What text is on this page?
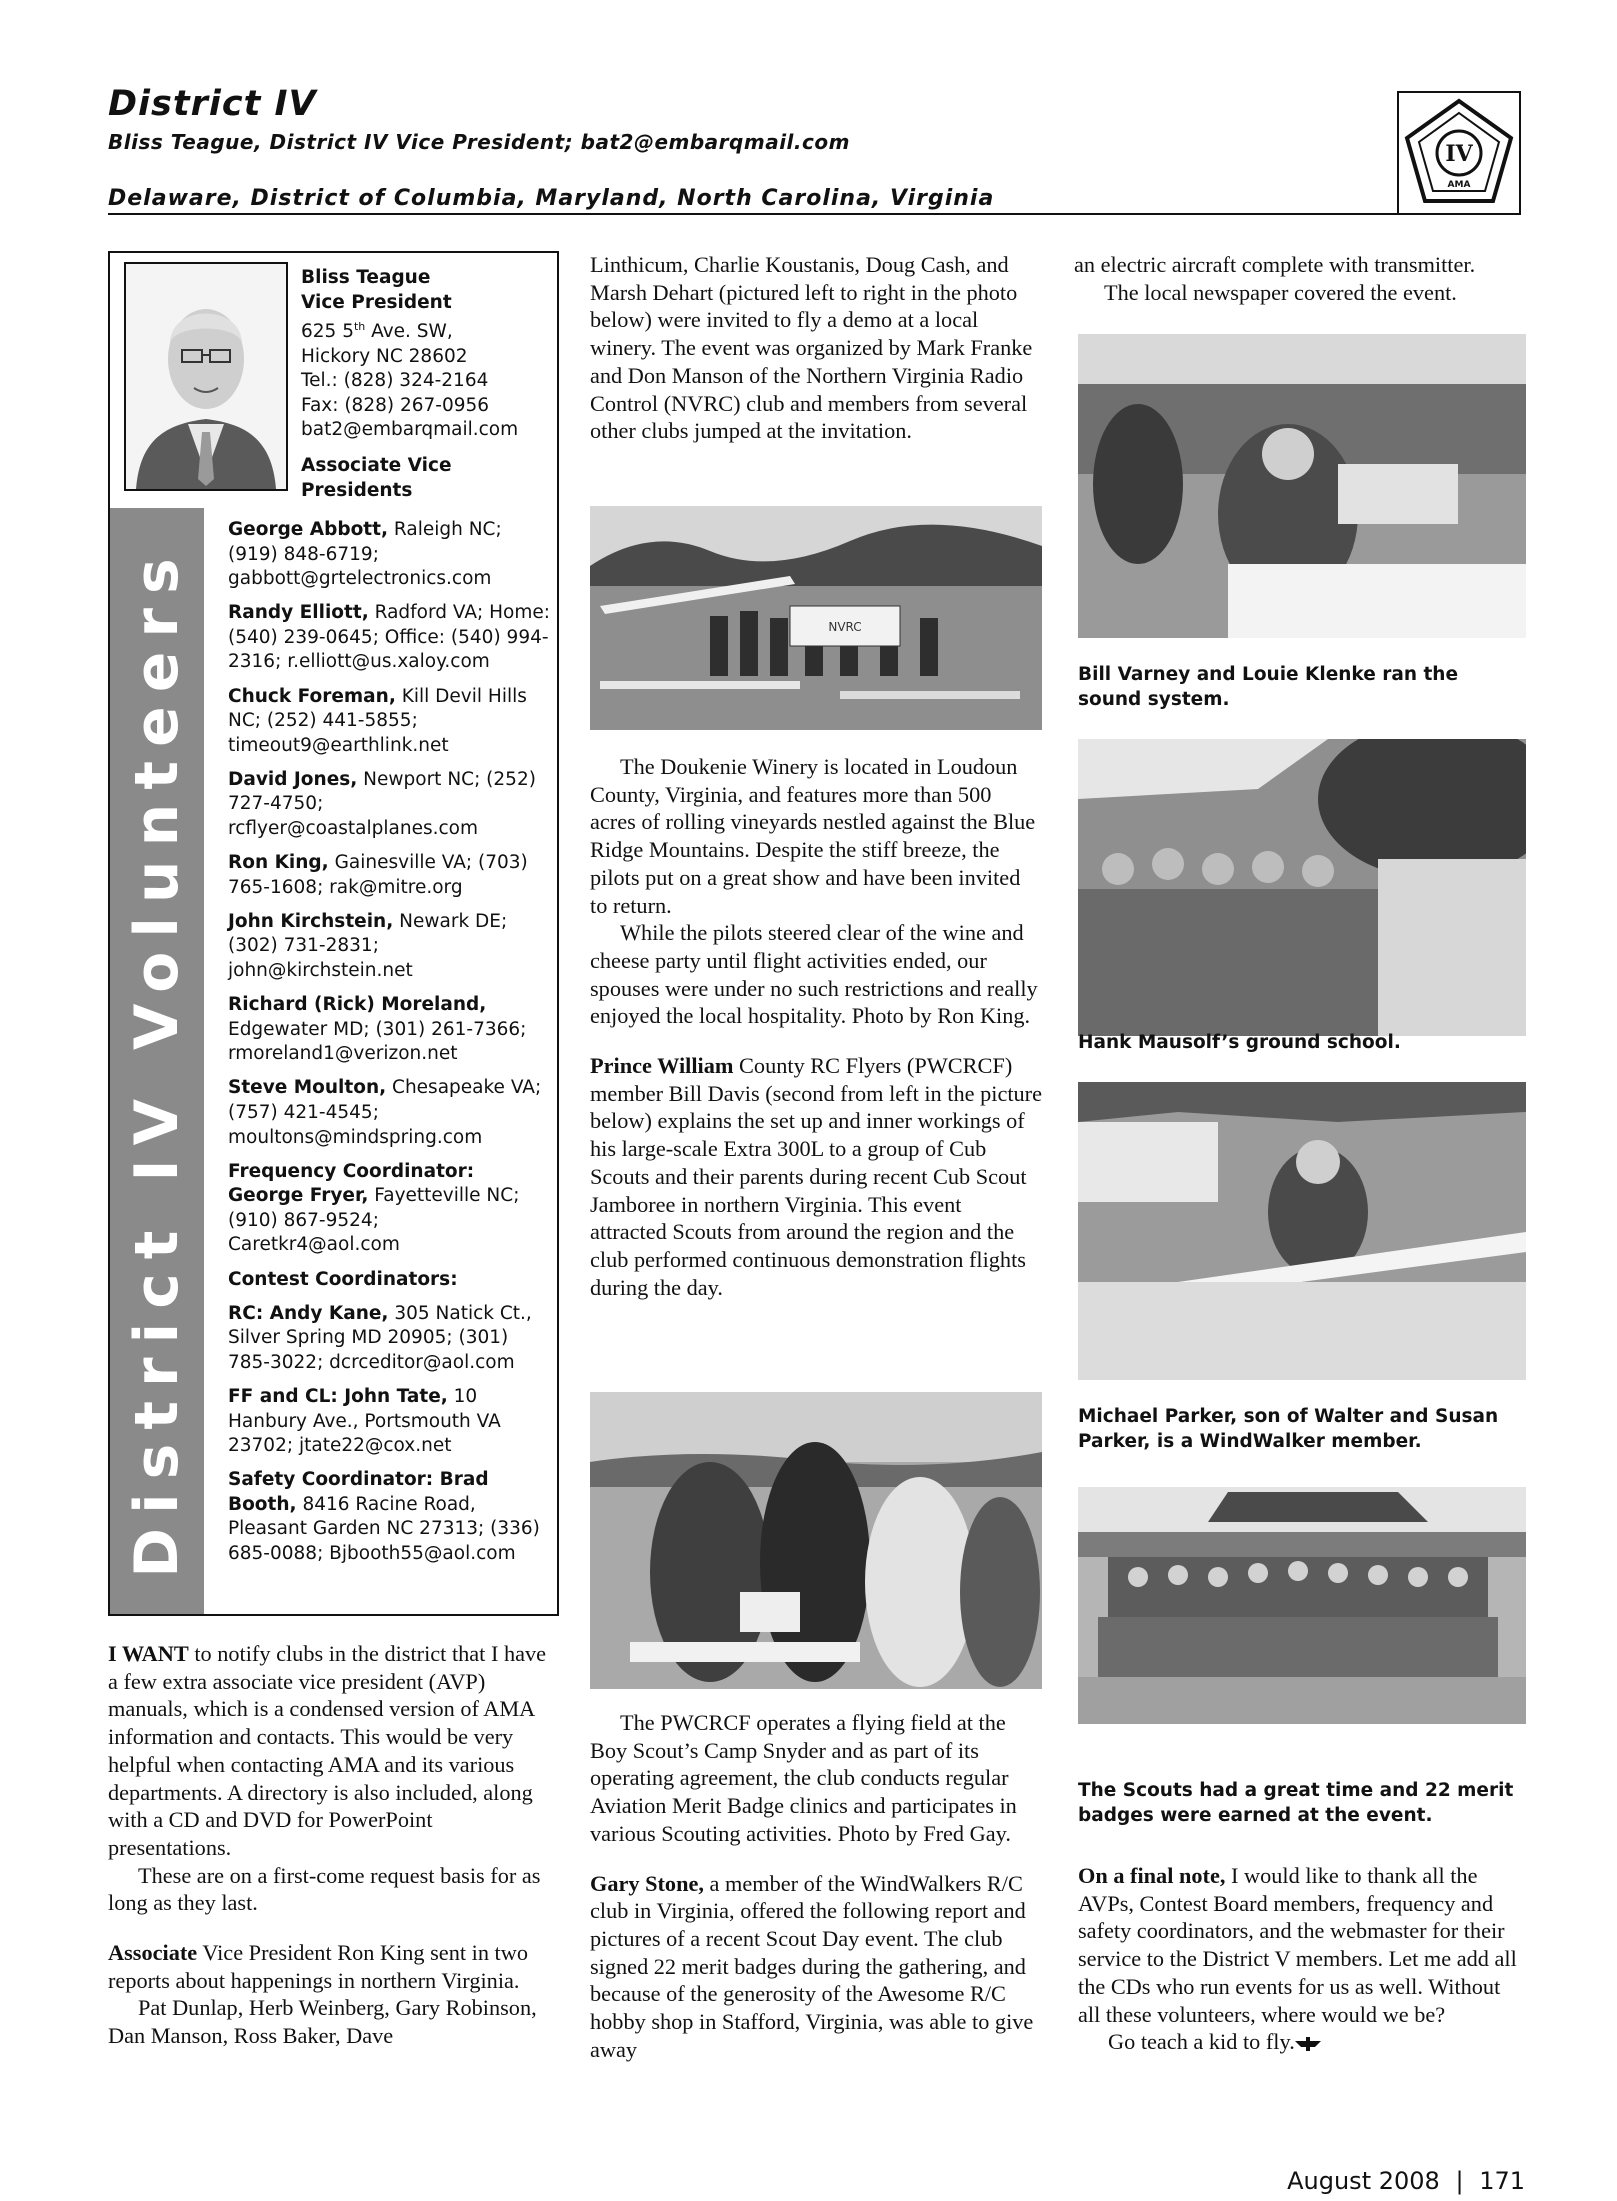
District IV
Bliss Teague, District IV Vice President; bat2@embarqmail.com
Delaware, District of Columbia, Maryland, North Carolina, Virginia
IV
AMA
District IV Volunteers
Bliss Teague
Vice President
625 5th Ave. SW,
Hickory NC 28602
Tel.: (828) 324-2164
Fax: (828) 267-0956
bat2@embarqmail.com
Associate Vice
Presidents
George Abbott, Raleigh NC; (919) 848-6719; gabbott@grtelectronics.com
Randy Elliott, Radford VA; Home: (540) 239-0645; Office: (540) 994-2316; r.elliott@us.xaloy.com
Chuck Foreman, Kill Devil Hills NC; (252) 441-5855; timeout9@earthlink.net
David Jones, Newport NC; (252) 727-4750; rcflyer@coastalplanes.com
Ron King, Gainesville VA; (703) 765-1608; rak@mitre.org
John Kirchstein, Newark DE; (302) 731-2831; john@kirchstein.net
Richard (Rick) Moreland, Edgewater MD; (301) 261-7366; rmoreland1@verizon.net
Steve Moulton, Chesapeake VA; (757) 421-4545; moultons@mindspring.com
Frequency Coordinator: George Fryer, Fayetteville NC; (910) 867-9524; Caretkr4@aol.com
Contest Coordinators:
RC: Andy Kane, 305 Natick Ct., Silver Spring MD 20905; (301) 785-3022; dcrceditor@aol.com
FF and CL: John Tate, 10 Hanbury Ave., Portsmouth VA 23702; jtate22@cox.net
Safety Coordinator: Brad Booth, 8416 Racine Road, Pleasant Garden NC 27313; (336) 685-0088; Bjbooth55@aol.com

I WANT to notify clubs in the district that I have a few extra associate vice president (AVP) manuals, which is a condensed version of AMA information and contacts. This would be very helpful when contacting AMA and its various departments. A directory is also included, along with a CD and DVD for PowerPoint presentations.

These are on a first-come request basis for as long as they last.

Associate Vice President Ron King sent in two reports about happenings in northern Virginia.

Pat Dunlap, Herb Weinberg, Gary Robinson, Dan Manson, Ross Baker, Dave

Linthicum, Charlie Koustanis, Doug Cash, and Marsh Dehart (pictured left to right in the photo below) were invited to fly a demo at a local winery. The event was organized by Mark Franke and Don Manson of the Northern Virginia Radio Control (NVRC) club and members from several other clubs jumped at the invitation.

NVRC

The Doukenie Winery is located in Loudoun County, Virginia, and features more than 500 acres of rolling vineyards nestled against the Blue Ridge Mountains. Despite the stiff breeze, the pilots put on a great show and have been invited to return.

While the pilots steered clear of the wine and cheese party until flight activities ended, our spouses were under no such restrictions and really enjoyed the local hospitality. Photo by Ron King.

Prince William County RC Flyers (PWCRCF) member Bill Davis (second from left in the picture below) explains the set up and inner workings of his large-scale Extra 300L to a group of Cub Scouts and their parents during recent Cub Scout Jamboree in northern Virginia. This event attracted Scouts from around the region and the club performed continuous demonstration flights during the day.

The PWCRCF operates a flying field at the Boy Scout’s Camp Snyder and as part of its operating agreement, the club conducts regular Aviation Merit Badge clinics and participates in various Scouting activities. Photo by Fred Gay.

Gary Stone, a member of the WindWalkers R/C club in Virginia, offered the following report and pictures of a recent Scout Day event. The club signed 22 merit badges during the gathering, and because of the generosity of the Awesome R/C hobby shop in Stafford, Virginia, was able to give away

an electric aircraft complete with transmitter.

The local newspaper covered the event.

Bill Varney and Louie Klenke ran the sound system.
Hank Mausolf’s ground school.
Michael Parker, son of Walter and Susan Parker, is a WindWalker member.
The Scouts had a great time and 22 merit badges were earned at the event.

On a final note, I would like to thank all the AVPs, Contest Board members, frequency and safety coordinators, and the webmaster for their service to the District V members. Let me add all the CDs who run events for us as well. Without all these volunteers, where would we be?

Go teach a kid to fly.

August 2008 | 171
